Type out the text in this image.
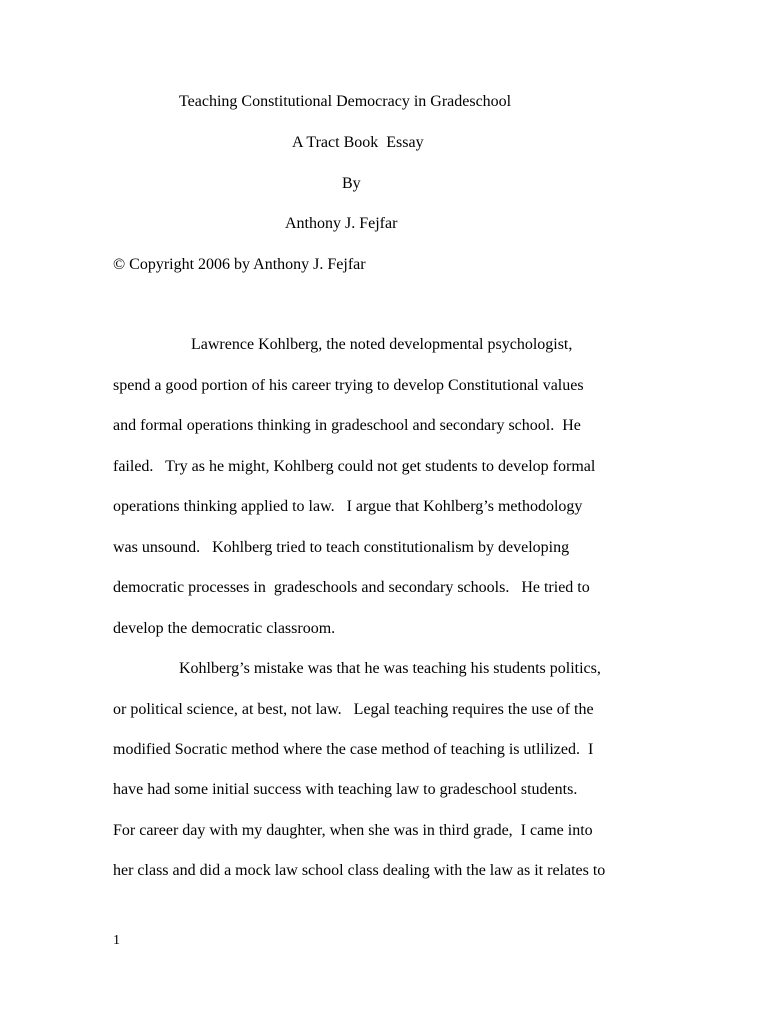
Teaching Constitutional Democracy in Gradeschool
A Tract Book  Essay
By
Anthony J. Fejfar
© Copyright 2006 by Anthony J. Fejfar
Lawrence Kohlberg, the noted developmental psychologist,
spend a good portion of his career trying to develop Constitutional values
and formal operations thinking in gradeschool and secondary school.  He
failed.   Try as he might, Kohlberg could not get students to develop formal
operations thinking applied to law.   I argue that Kohlberg’s methodology
was unsound.   Kohlberg tried to teach constitutionalism by developing
democratic processes in  gradeschools and secondary schools.   He tried to
develop the democratic classroom.
Kohlberg’s mistake was that he was teaching his students politics,
or political science, at best, not law.   Legal teaching requires the use of the
modified Socratic method where the case method of teaching is utlilized.  I
have had some initial success with teaching law to gradeschool students.
For career day with my daughter, when she was in third grade,  I came into
her class and did a mock law school class dealing with the law as it relates to
1
